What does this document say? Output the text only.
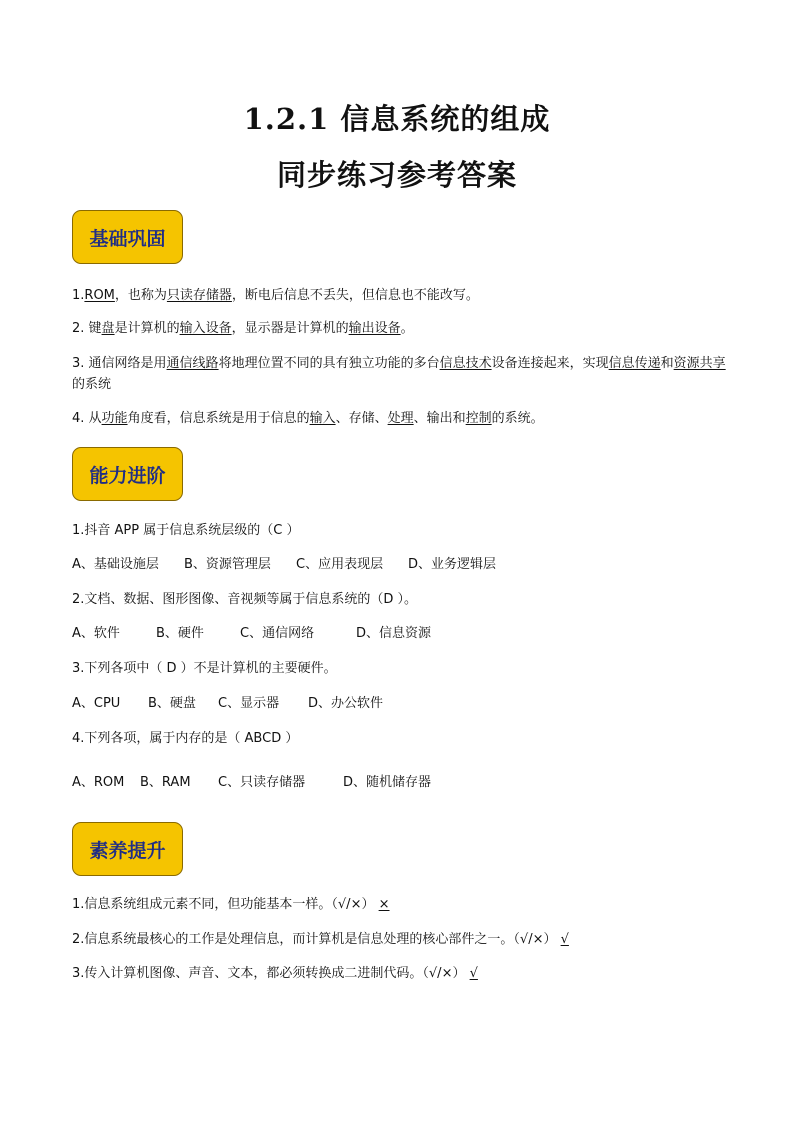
1.2.1 信息系统的组成
同步练习参考答案
基础巩固
1.ROM，也称为只读存储器，断电后信息不丢失，但信息也不能改写。
2. 键盘是计算机的输入设备，显示器是计算机的输出设备。
3. 通信网络是用通信线路将地理位置不同的具有独立功能的多台信息技术设备连接起来，实现信息传递和资源共享的系统
4. 从功能角度看，信息系统是用于信息的输入、存储、处理、输出和控制的系统。
能力进阶
1.抖音 APP 属于信息系统层级的（C ）
A、基础设施层 B、资源管理层 C、应用表现层 D、业务逻辑层
2.文档、数据、图形图像、音视频等属于信息系统的（D ）。
A、软件	B、硬件	C、通信网络	D、信息资源
3.下列各项中（ D ）不是计算机的主要硬件。
A、CPU B、硬盘 C、显示器 D、办公软件
4.下列各项，属于内存的是（ ABCD ）
A、ROM B、RAM C、只读存储器	D、随机储存器
素养提升
1.信息系统组成元素不同，但功能基本一样。（√/×） ×
2.信息系统最核心的工作是处理信息，而计算机是信息处理的核心部件之一。（√/×） √
3.传入计算机图像、声音、文本，都必须转换成二进制代码。（√/×） √
